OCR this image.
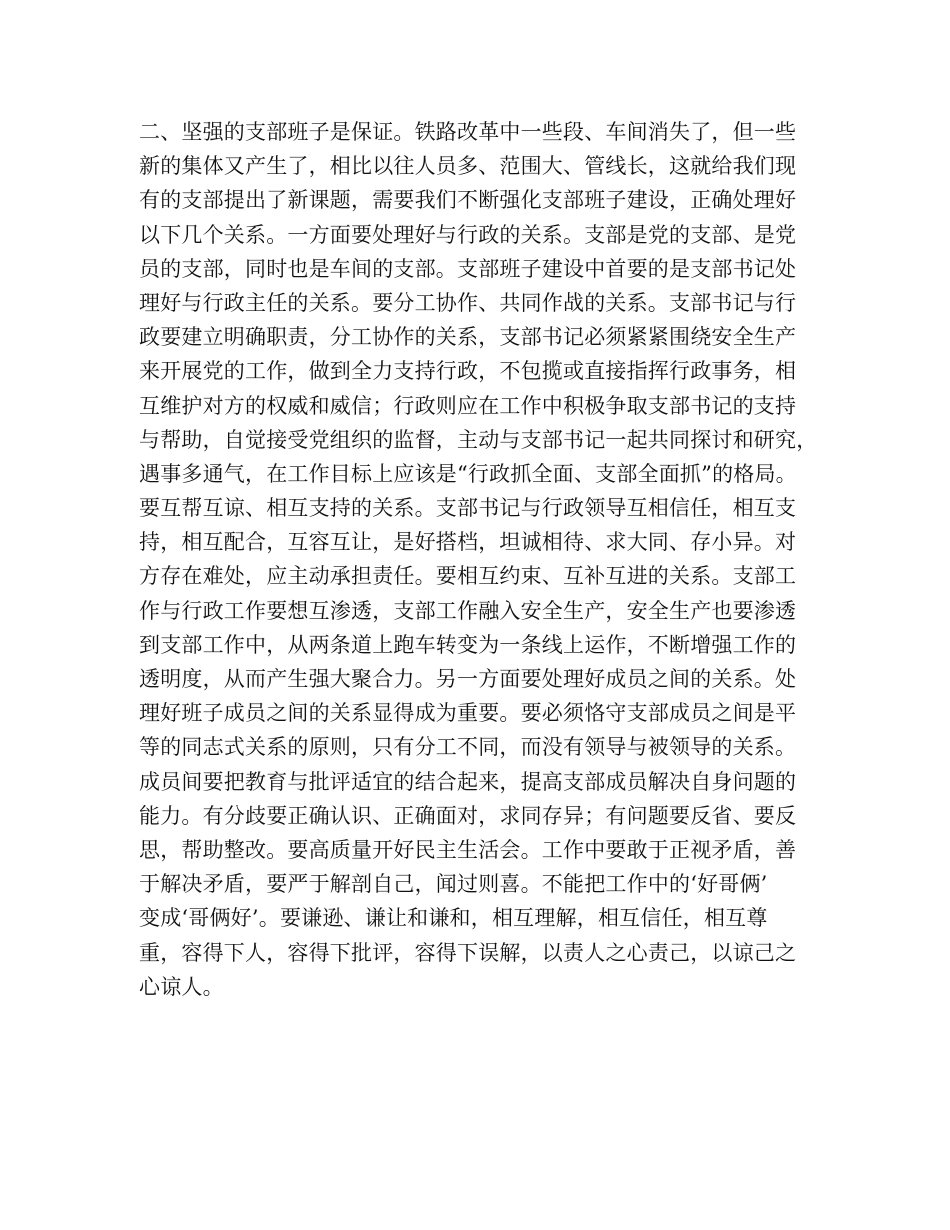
二、坚强的支部班子是保证。铁路改革中一些段、车间消失了，但一些
新的集体又产生了，相比以往人员多、范围大、管线长，这就给我们现
有的支部提出了新课题，需要我们不断强化支部班子建设，正确处理好
以下几个关系。一方面要处理好与行政的关系。支部是党的支部、是党
员的支部，同时也是车间的支部。支部班子建设中首要的是支部书记处
理好与行政主任的关系。要分工协作、共同作战的关系。支部书记与行
政要建立明确职责，分工协作的关系，支部书记必须紧紧围绕安全生产
来开展党的工作，做到全力支持行政，不包揽或直接指挥行政事务，相
互维护对方的权威和威信；行政则应在工作中积极争取支部书记的支持
与帮助，自觉接受党组织的监督，主动与支部书记一起共同探讨和研究，
遇事多通气，在工作目标上应该是“行政抓全面、支部全面抓”的格局。
要互帮互谅、相互支持的关系。支部书记与行政领导互相信任，相互支
持，相互配合，互容互让，是好搭档，坦诚相待、求大同、存小异。对
方存在难处，应主动承担责任。要相互约束、互补互进的关系。支部工
作与行政工作要想互渗透，支部工作融入安全生产，安全生产也要渗透
到支部工作中，从两条道上跑车转变为一条线上运作，不断增强工作的
透明度，从而产生强大聚合力。另一方面要处理好成员之间的关系。处
理好班子成员之间的关系显得成为重要。要必须恪守支部成员之间是平
等的同志式关系的原则，只有分工不同，而没有领导与被领导的关系。
成员间要把教育与批评适宜的结合起来，提高支部成员解决自身问题的
能力。有分歧要正确认识、正确面对，求同存异；有问题要反省、要反
思，帮助整改。要高质量开好民主生活会。工作中要敢于正视矛盾，善
于解决矛盾，要严于解剖自己，闻过则喜。不能把工作中的‘好哥俩’
变成‘哥俩好’。要谦逊、谦让和谦和，相互理解，相互信任，相互尊
重，容得下人，容得下批评，容得下误解，以责人之心责己，以谅己之
心谅人。
